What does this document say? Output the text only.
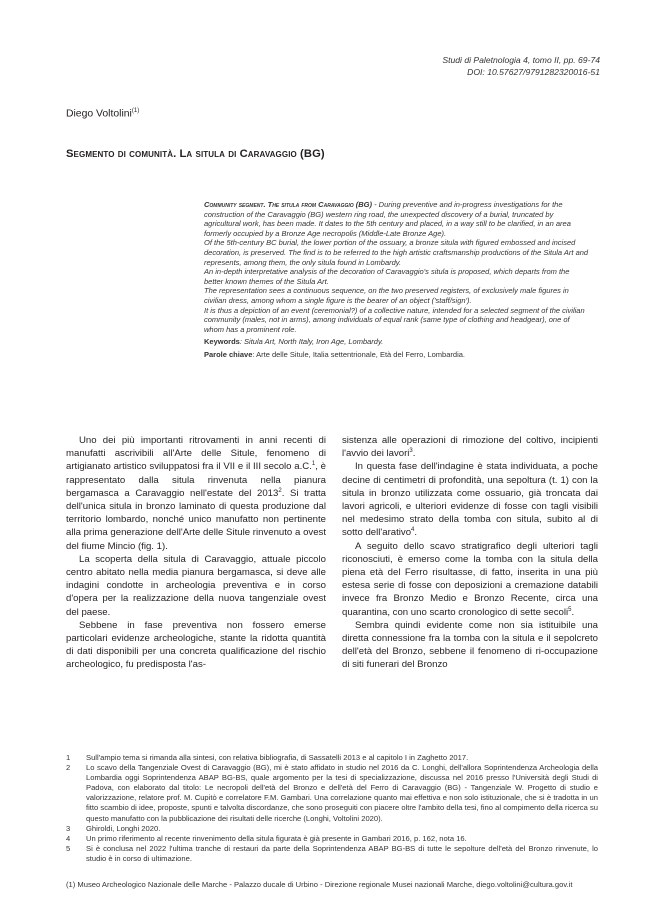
Studi di Paletnologia 4, tomo II, pp. 69-74
DOI: 10.57627/9791282320016-51
Diego Voltolini$^{(1)}$
Segmento di comunità. La situla di Caravaggio (BG)

Community segment. The situla from Caravaggio (BG) - During preventive and in-progress investigations for the construction of the Caravaggio (BG) western ring road, the unexpected discovery of a burial, truncated by agricultural work, has been made. It dates to the 5th century and placed, in a way still to be clarified, in an area formerly occupied by a Bronze Age necropolis (Middle-Late Bronze Age).

Of the 5th-century BC burial, the lower portion of the ossuary, a bronze situla with figured embossed and incised decoration, is preserved. The find is to be referred to the high artistic craftsmanship productions of the Situla Art and represents, among them, the only situla found in Lombardy.

An in-depth interpretative analysis of the decoration of Caravaggio's situla is proposed, which departs from the better known themes of the Situla Art.

The representation sees a continuous sequence, on the two preserved registers, of exclusively male figures in civilian dress, among whom a single figure is the bearer of an object ('staff/sign').

It is thus a depiction of an event (ceremonial?) of a collective nature, intended for a selected segment of the civilian community (males, not in arms), among individuals of equal rank (same type of clothing and headgear), one of whom has a prominent role.

Keywords: Situla Art, North Italy, Iron Age, Lombardy.

Parole chiave: Arte delle Situle, Italia settentrionale, Età del Ferro, Lombardia.

Uno dei più importanti ritrovamenti in anni recenti di manufatti ascrivibili all'Arte delle Situle, fenomeno di artigianato artistico sviluppatosi fra il VII e il III secolo a.C.$^1$, è rappresentato dalla situla rinvenuta nella pianura bergamasca a Caravaggio nell'estate del 2013$^2$. Si tratta dell'unica situla in bronzo laminato di questa produzione dal territorio lombardo, nonché unico manufatto non pertinente alla prima generazione dell'Arte delle Situle rinvenuto a ovest del fiume Mincio (fig. 1).

La scoperta della situla di Caravaggio, attuale piccolo centro abitato nella media pianura bergamasca, si deve alle indagini condotte in archeologia preventiva e in corso d'opera per la realizzazione della nuova tangenziale ovest del paese.

Sebbene in fase preventiva non fossero emerse particolari evidenze archeologiche, stante la ridotta quantità di dati disponibili per una concreta qualificazione del rischio archeologico, fu predisposta l'as-

sistenza alle operazioni di rimozione del coltivo, incipienti l'avvio dei lavori$^3$.

In questa fase dell'indagine è stata individuata, a poche decine di centimetri di profondità, una sepoltura (t. 1) con la situla in bronzo utilizzata come ossuario, già troncata dai lavori agricoli, e ulteriori evidenze di fosse con tagli visibili nel medesimo strato della tomba con situla, subito al di sotto dell'arativo$^4$.

A seguito dello scavo stratigrafico degli ulteriori tagli riconosciuti, è emerso come la tomba con la situla della piena età del Ferro risultasse, di fatto, inserita in una più estesa serie di fosse con deposizioni a cremazione databili invece fra Bronzo Medio e Bronzo Recente, circa una quarantina, con uno scarto cronologico di sette secoli$^5$.

Sembra quindi evidente come non sia istituibile una diretta connessione fra la tomba con la situla e il sepolcreto dell'età del Bronzo, sebbene il fenomeno di ri-occupazione di siti funerari del Bronzo

1	Sull'ampio tema si rimanda alla sintesi, con relativa bibliografia, di Sassatelli 2013 e al capitolo I in Zaghetto 2017.
2	Lo scavo della Tangenziale Ovest di Caravaggio (BG), mi è stato affidato in studio nel 2016 da C. Longhi, dell'allora Soprintendenza Archeologia della Lombardia oggi Soprintendenza ABAP BG-BS, quale argomento per la tesi di specializzazione, discussa nel 2016 presso l'Università degli Studi di Padova, con elaborato dal titolo: Le necropoli dell'età del Bronzo e dell'età del Ferro di Caravaggio (BG) - Tangenziale W. Progetto di studio e valorizzazione, relatore prof. M. Cupitò e correlatore F.M. Gambari. Una correlazione quanto mai effettiva e non solo istituzionale, che si è tradotta in un fitto scambio di idee, proposte, spunti e talvolta discordanze, che sono proseguiti con piacere oltre l'ambito della tesi, fino al compimento della ricerca su questo manufatto con la pubblicazione dei risultati delle ricerche (Longhi, Voltolini 2020).
3	Ghiroldi, Longhi 2020.
4	Un primo riferimento al recente rinvenimento della situla figurata è già presente in Gambari 2016, p. 162, nota 16.
5	Si è conclusa nel 2022 l'ultima tranche di restauri da parte della Soprintendenza ABAP BG-BS di tutte le sepolture dell'età del Bronzo rinvenute, lo studio è in corso di ultimazione.
(1) Museo Archeologico Nazionale delle Marche - Palazzo ducale di Urbino - Direzione regionale Musei nazionali Marche, diego.voltolini@cultura.gov.it
